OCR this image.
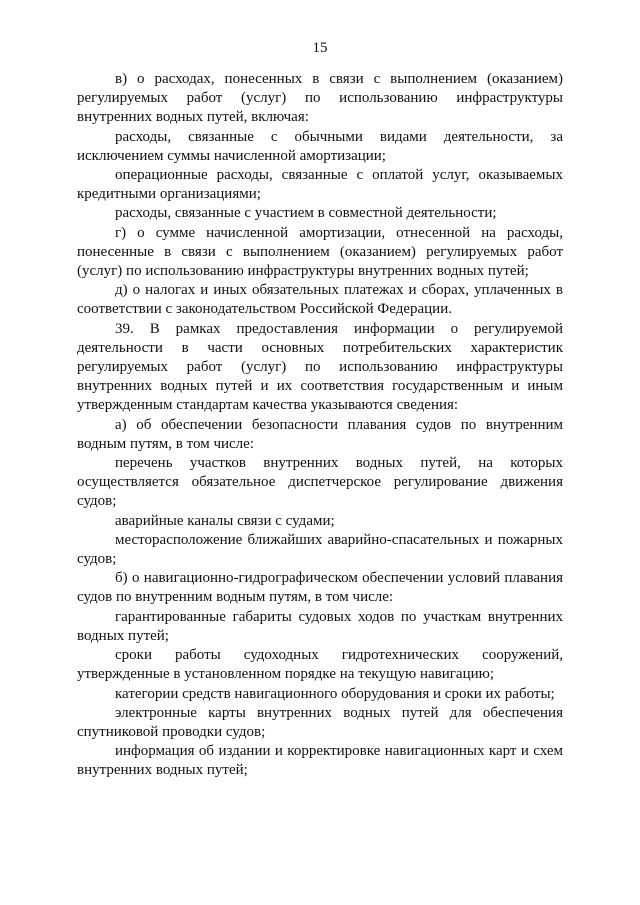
15

в) о расходах, понесенных в связи с выполнением (оказанием) регулируемых работ (услуг) по использованию инфраструктуры внутренних водных путей, включая:

расходы, связанные с обычными видами деятельности, за исключением суммы начисленной амортизации;

операционные расходы, связанные с оплатой услуг, оказываемых кредитными организациями;

расходы, связанные с участием в совместной деятельности;

г) о сумме начисленной амортизации, отнесенной на расходы, понесенные в связи с выполнением (оказанием) регулируемых работ (услуг) по использованию инфраструктуры внутренних водных путей;

д) о налогах и иных обязательных платежах и сборах, уплаченных в соответствии с законодательством Российской Федерации.

39. В рамках предоставления информации о регулируемой деятельности в части основных потребительских характеристик регулируемых работ (услуг) по использованию инфраструктуры внутренних водных путей и их соответствия государственным и иным утвержденным стандартам качества указываются сведения:

а) об обеспечении безопасности плавания судов по внутренним водным путям, в том числе:

перечень участков внутренних водных путей, на которых осуществляется обязательное диспетчерское регулирование движения судов;

аварийные каналы связи с судами;

месторасположение ближайших аварийно-спасательных и пожарных судов;

б) о навигационно-гидрографическом обеспечении условий плавания судов по внутренним водным путям, в том числе:

гарантированные габариты судовых ходов по участкам внутренних водных путей;

сроки работы судоходных гидротехнических сооружений, утвержденные в установленном порядке на текущую навигацию;

категории средств навигационного оборудования и сроки их работы;

электронные карты внутренних водных путей для обеспечения спутниковой проводки судов;

информация об издании и корректировке навигационных карт и схем внутренних водных путей;
